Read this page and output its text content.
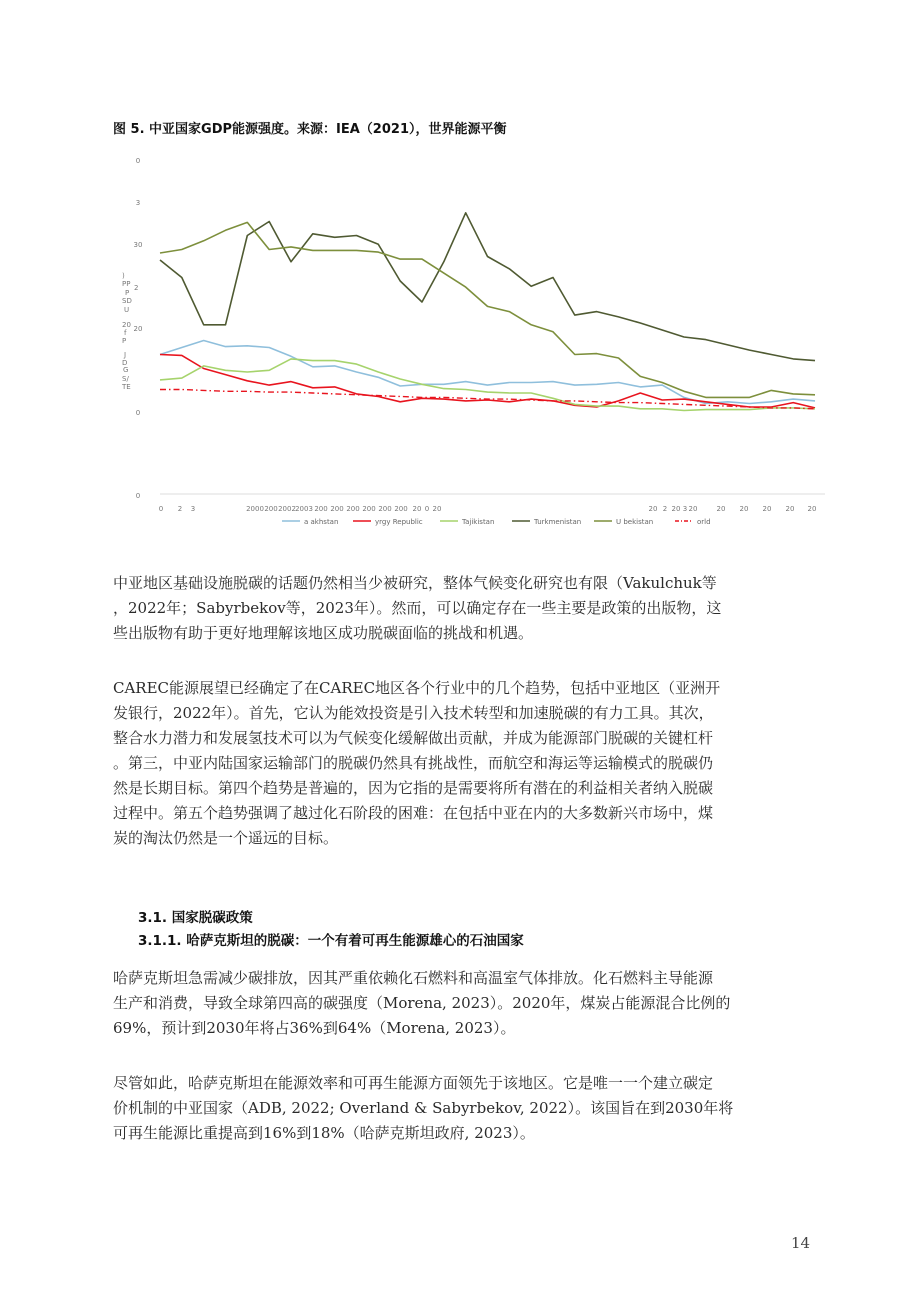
图 5. 中亚国家GDP能源强度。来源：IEA（2021），世界能源平衡
0
3
30
20
0
0
)
PP
P
2
SD
U
20
f
P
J
D
G
S/
TE
0 2 3	2000 200 2002 2003 200 200 200 200 200 200 20 0 20	20 2 20 3 20	20 20 20 20 20
a akhstan	yrgy Republic	Tajikistan	Turkmenistan	U bekistan	orld

中亚地区基础设施脱碳的话题仍然相当少被研究，整体气候变化研究也有限（Vakulchuk等
，2022年；Sabyrbekov等，2023年）。然而，可以确定存在一些主要是政策的出版物，这
些出版物有助于更好地理解该地区成功脱碳面临的挑战和机遇。

CAREC能源展望已经确定了在CAREC地区各个行业中的几个趋势，包括中亚地区（亚洲开
发银行，2022年）。首先，它认为能效投资是引入技术转型和加速脱碳的有力工具。其次，
整合水力潜力和发展氢技术可以为气候变化缓解做出贡献，并成为能源部门脱碳的关键杠杆
。第三，中亚内陆国家运输部门的脱碳仍然具有挑战性，而航空和海运等运输模式的脱碳仍
然是长期目标。第四个趋势是普遍的，因为它指的是需要将所有潜在的利益相关者纳入脱碳
过程中。第五个趋势强调了越过化石阶段的困难：在包括中亚在内的大多数新兴市场中，煤
炭的淘汰仍然是一个遥远的目标。

3.1. 国家脱碳政策

3.1.1. 哈萨克斯坦的脱碳：一个有着可再生能源雄心的石油国家

哈萨克斯坦急需减少碳排放，因其严重依赖化石燃料和高温室气体排放。化石燃料主导能源
生产和消费，导致全球第四高的碳强度（Morena, 2023）。2020年，煤炭占能源混合比例的
69%，预计到2030年将占36%到64%（Morena, 2023）。

尽管如此，哈萨克斯坦在能源效率和可再生能源方面领先于该地区。它是唯一一个建立碳定
价机制的中亚国家（ADB, 2022; Overland & Sabyrbekov, 2022）。该国旨在到2030年将
可再生能源比重提高到16%到18%（哈萨克斯坦政府, 2023）。

14
